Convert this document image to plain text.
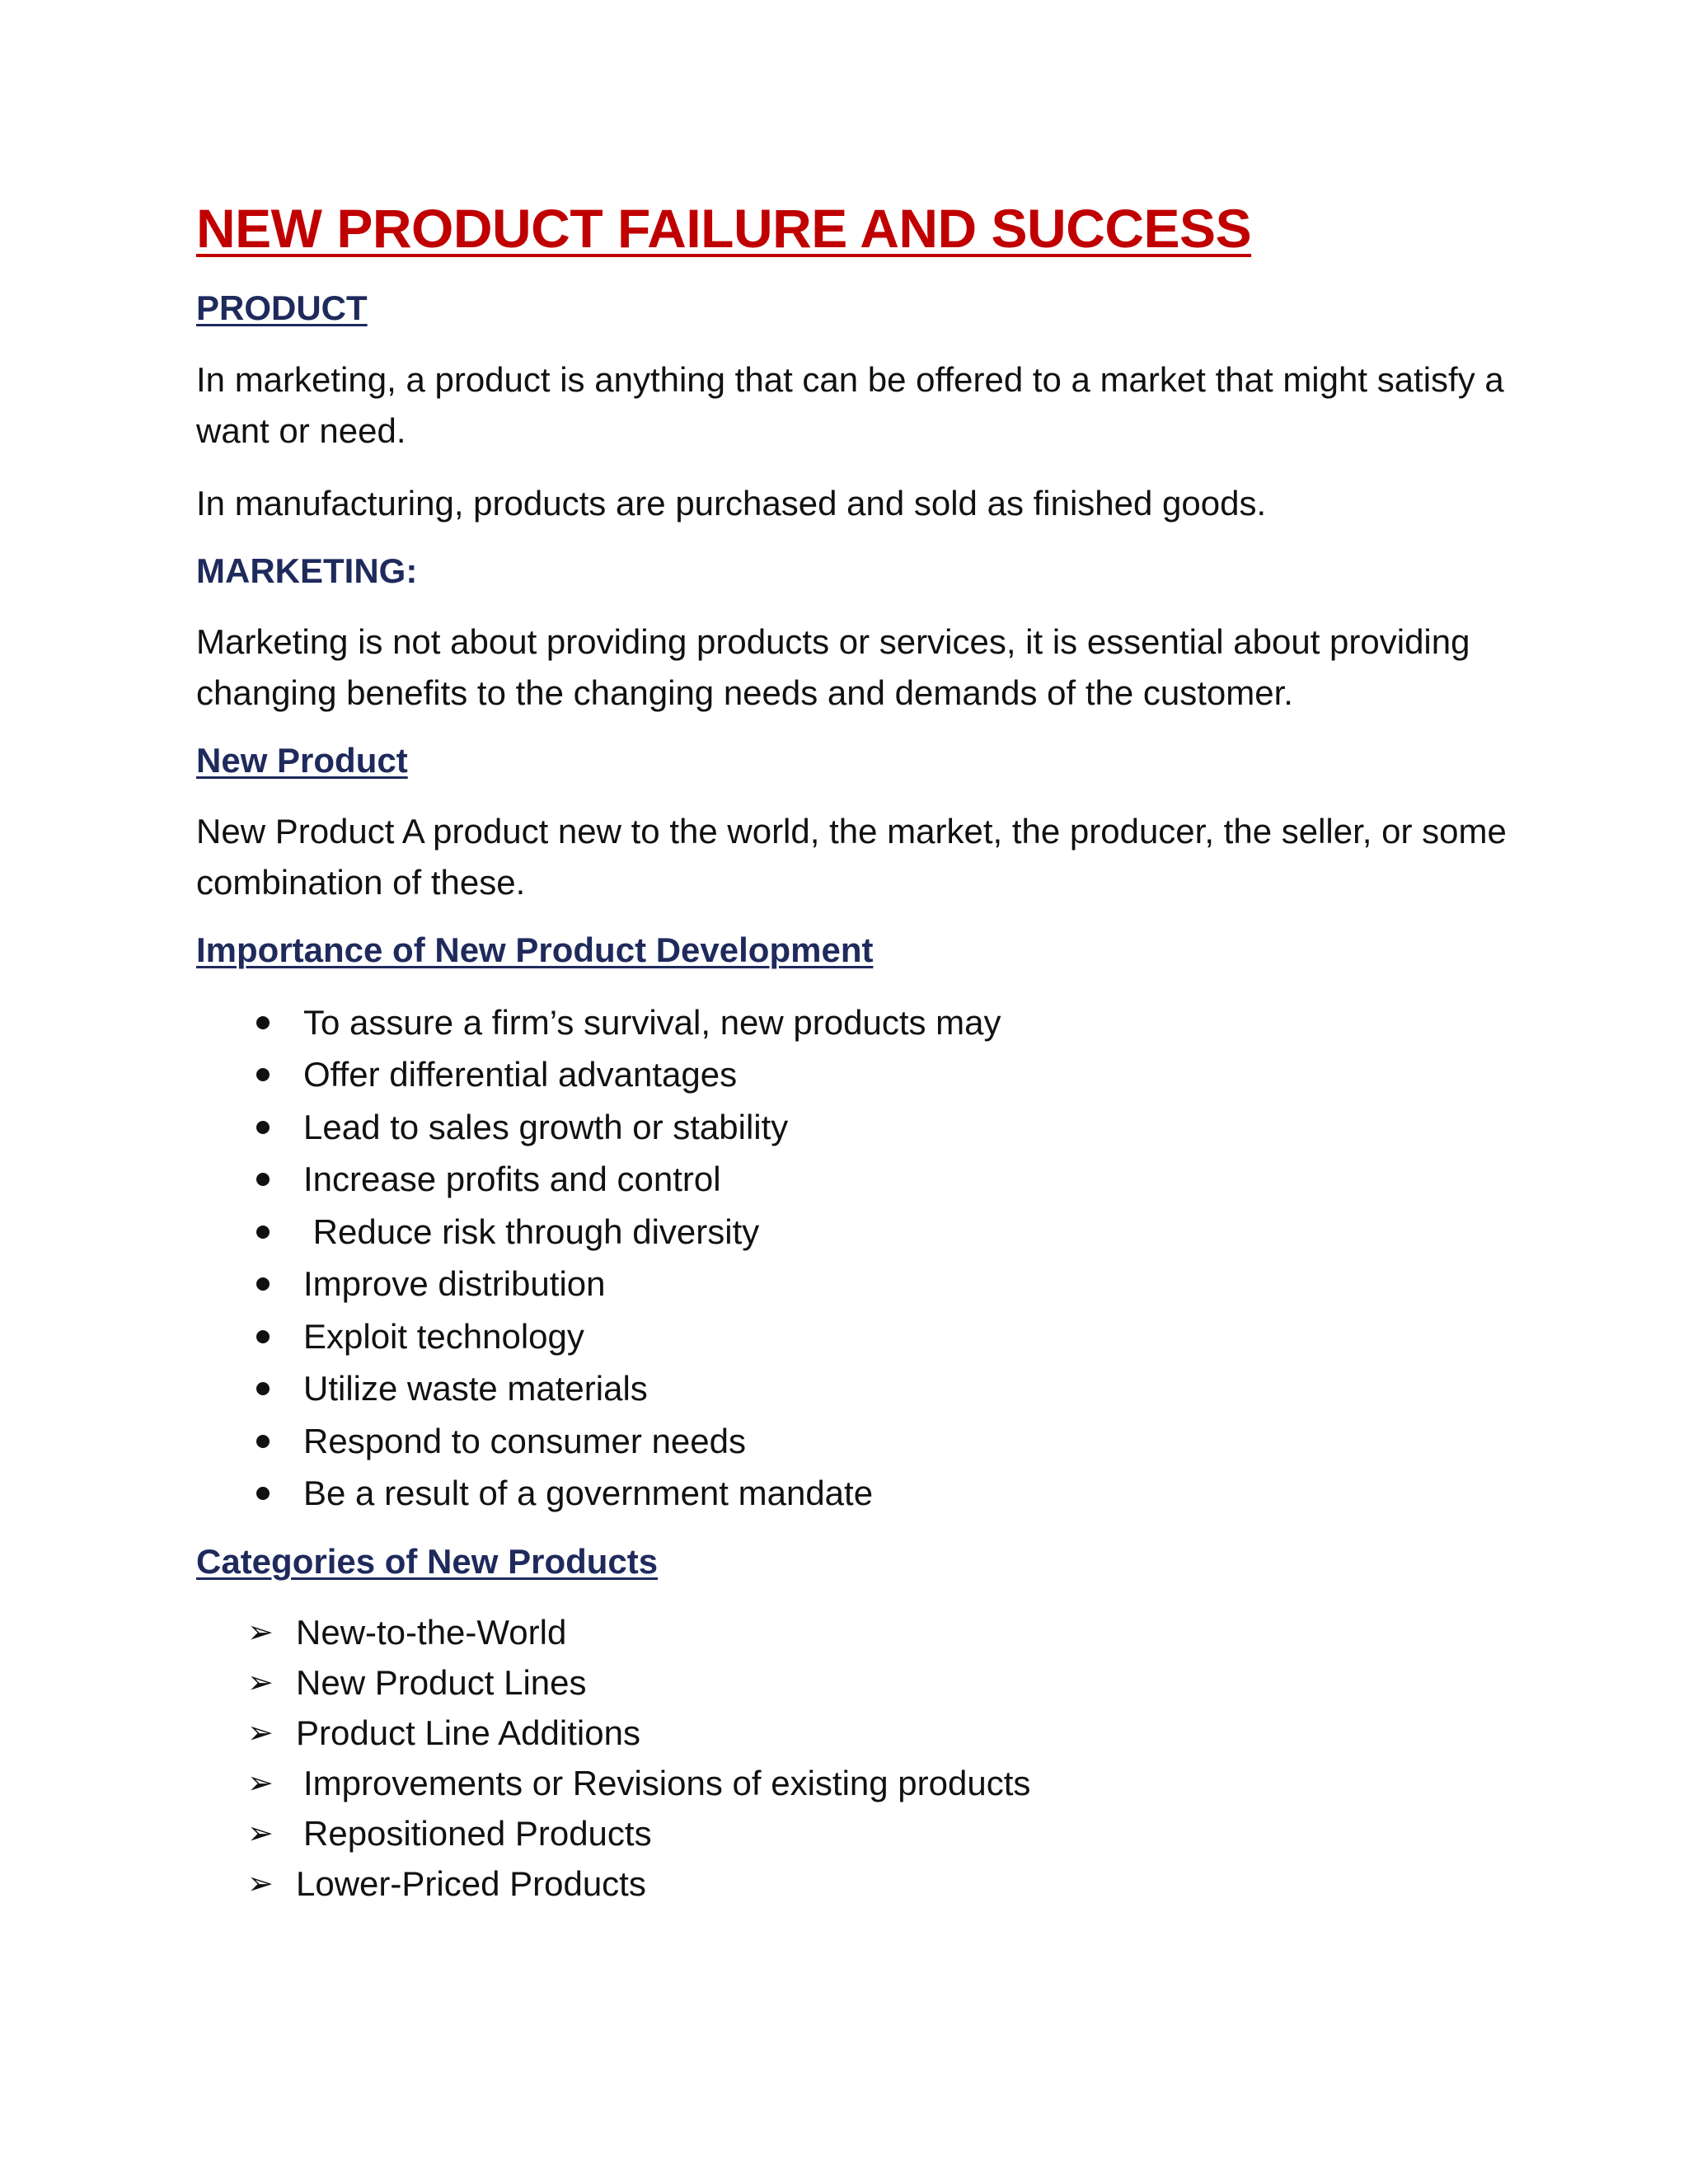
NEW PRODUCT FAILURE AND SUCCESS
PRODUCT

In marketing, a product is anything that can be offered to a market that might satisfy a want or need.

In manufacturing, products are purchased and sold as finished goods.

MARKETING:

Marketing is not about providing products or services, it is essential about providing changing benefits to the changing needs and demands of the customer.

New Product

New Product A product new to the world, the market, the producer, the seller, or some combination of these.

Importance of New Product Development
To assure a firm’s survival, new products may
Offer differential advantages
Lead to sales growth or stability
Increase profits and control
Reduce risk through diversity
Improve distribution
Exploit technology
Utilize waste materials
Respond to consumer needs
Be a result of a government mandate
Categories of New Products
➢ New-to-the-World
➢ New Product Lines
➢ Product Line Additions
➢ Improvements or Revisions of existing products
➢ Repositioned Products
➢ Lower-Priced Products
